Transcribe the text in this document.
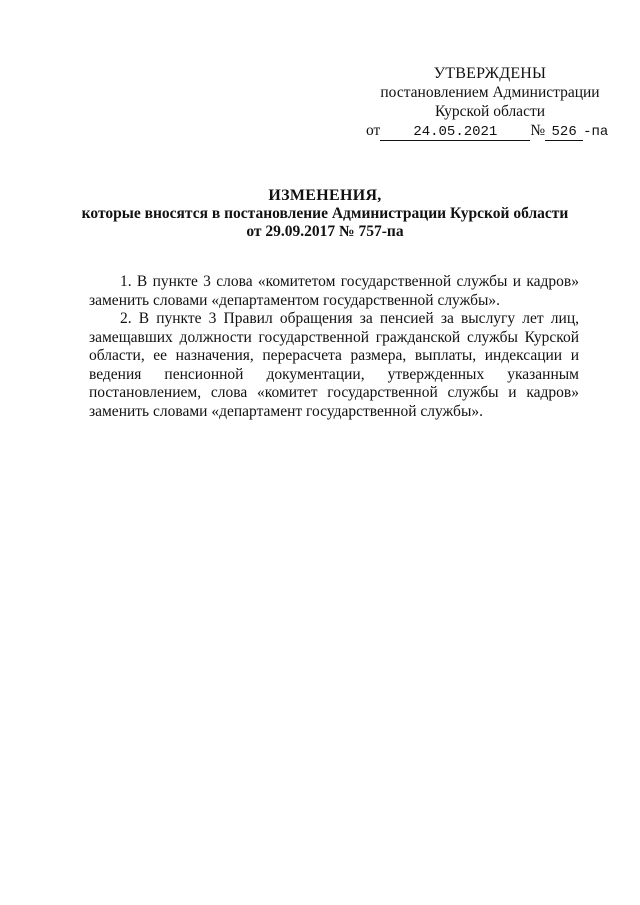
УТВЕРЖДЕНЫ
постановлением Администрации
Курской области
от 24.05.2021 № 526 -па
ИЗМЕНЕНИЯ,
которые вносятся в постановление Администрации Курской области
от 29.09.2017 № 757-па

1. В пункте 3 слова «комитетом государственной службы и кадров» заменить словами «департаментом государственной службы».

2. В пункте 3 Правил обращения за пенсией за выслугу лет лиц, замещавших должности государственной гражданской службы Курской области, ее назначения, перерасчета размера, выплаты, индексации и ведения пенсионной документации, утвержденных указанным постановлением, слова «комитет государственной службы и кадров» заменить словами «департамент государственной службы».
